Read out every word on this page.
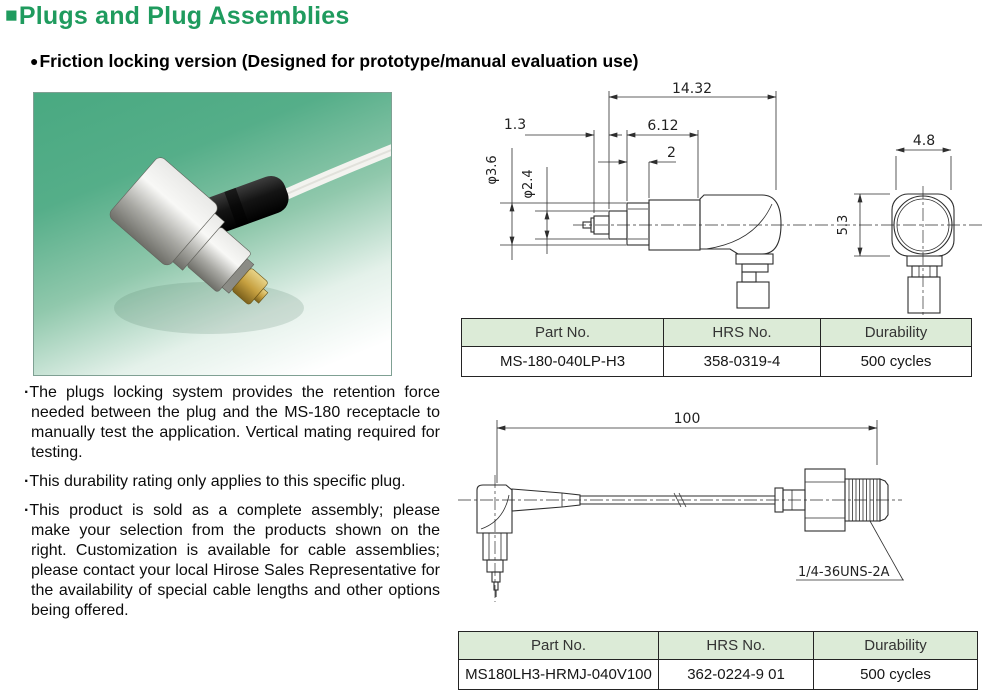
■Plugs and Plug Assemblies
●Friction locking version (Designed for prototype/manual evaluation use)

·The plugs locking system provides the retention force needed between the plug and the MS-180 receptacle to manually test the application. Vertical mating required for testing.

·This durability rating only applies to this specific plug.

·This product is sold as a complete assembly; please make your selection from the products shown on the right. Customization is available for cable assemblies; please contact your local Hirose Sales Representative for the availability of special cable lengths and other options being offered.

14.32
1.3	6.12
2
φ3.6 φ2.4
4.8
5.3
Part No.	HRS No.	Durability
MS-180-040LP-H3	358-0319-4	500 cycles
100
1/4-36UNS-2A
Part No.	HRS No.	Durability
MS180LH3-HRMJ-040V100	362-0224-9 01	500 cycles
